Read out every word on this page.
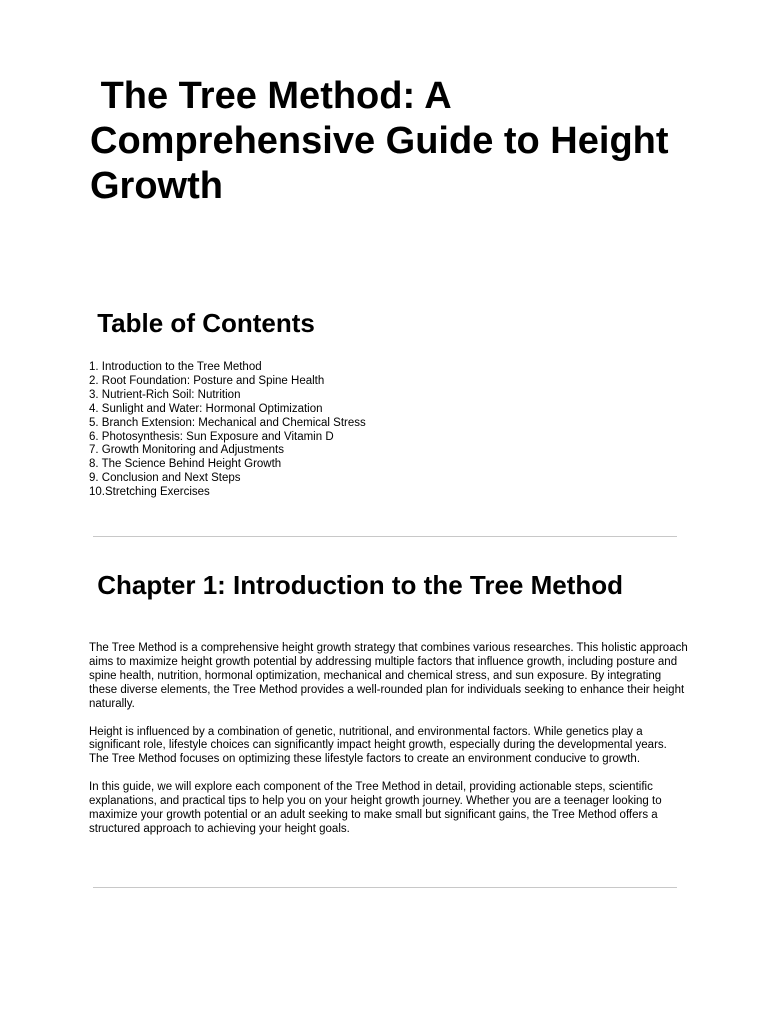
The Tree Method: A Comprehensive Guide to Height Growth
Table of Contents
1. Introduction to the Tree Method
2. Root Foundation: Posture and Spine Health
3. Nutrient-Rich Soil: Nutrition
4. Sunlight and Water: Hormonal Optimization
5. Branch Extension: Mechanical and Chemical Stress
6. Photosynthesis: Sun Exposure and Vitamin D
7. Growth Monitoring and Adjustments
8. The Science Behind Height Growth
9. Conclusion and Next Steps
10.Stretching Exercises
Chapter 1: Introduction to the Tree Method

The Tree Method is a comprehensive height growth strategy that combines various researches. This holistic approach aims to maximize height growth potential by addressing multiple factors that influence growth, including posture and spine health, nutrition, hormonal optimization, mechanical and chemical stress, and sun exposure. By integrating these diverse elements, the Tree Method provides a well-rounded plan for individuals seeking to enhance their height naturally.

Height is influenced by a combination of genetic, nutritional, and environmental factors. While genetics play a significant role, lifestyle choices can significantly impact height growth, especially during the developmental years. The Tree Method focuses on optimizing these lifestyle factors to create an environment conducive to growth.

In this guide, we will explore each component of the Tree Method in detail, providing actionable steps, scientific explanations, and practical tips to help you on your height growth journey. Whether you are a teenager looking to maximize your growth potential or an adult seeking to make small but significant gains, the Tree Method offers a structured approach to achieving your height goals.
